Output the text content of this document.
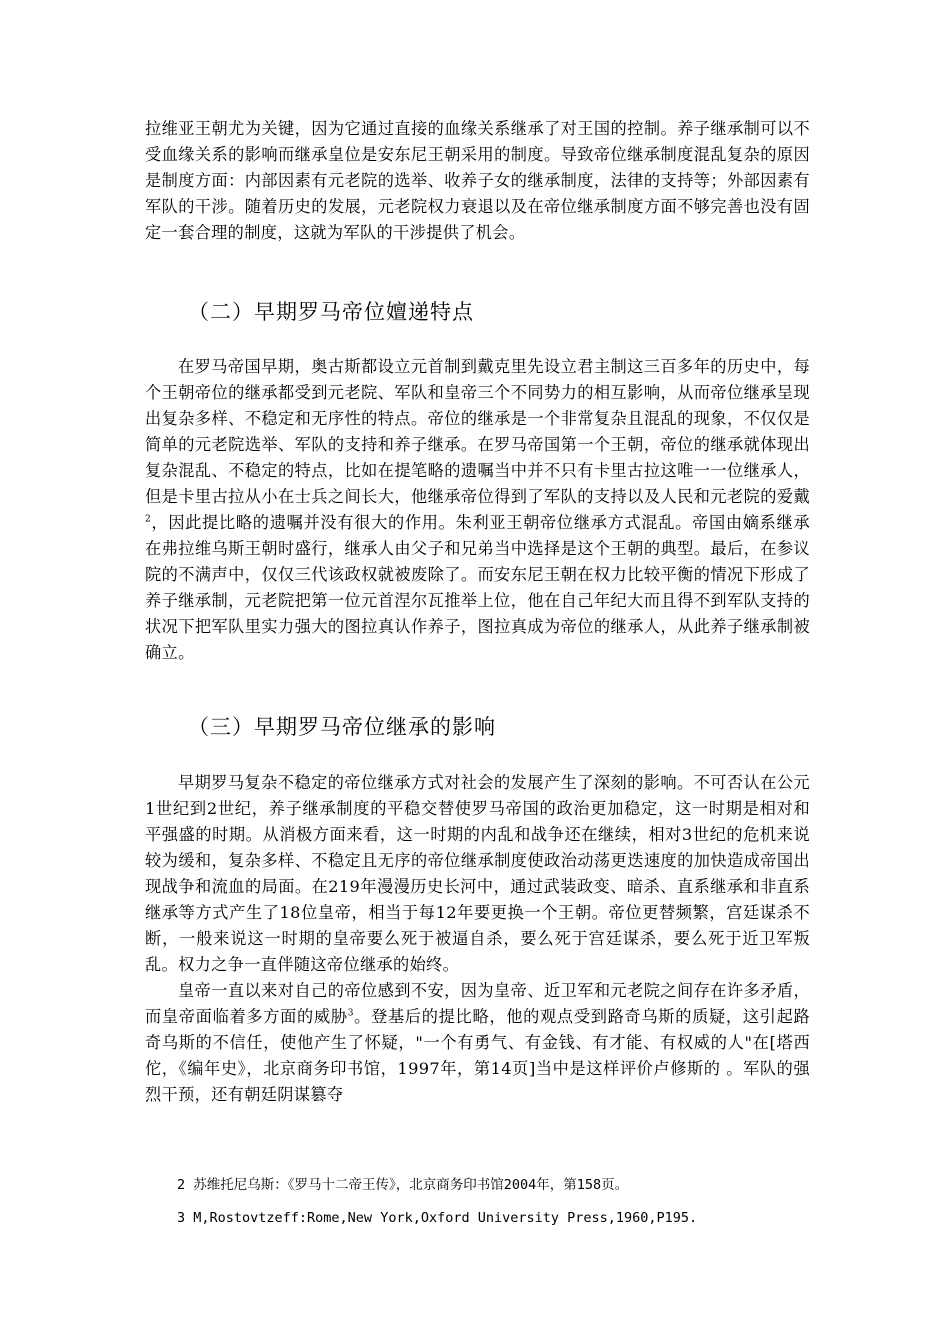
拉维亚王朝尤为关键，因为它通过直接的血缘关系继承了对王国的控制。养子继承制可以不受血缘关系的影响而继承皇位是安东尼王朝采用的制度。导致帝位继承制度混乱复杂的原因是制度方面：内部因素有元老院的选举、收养子女的继承制度，法律的支持等；外部因素有军队的干涉。随着历史的发展，元老院权力衰退以及在帝位继承制度方面不够完善也没有固定一套合理的制度，这就为军队的干涉提供了机会。

（二）早期罗马帝位嬗递特点

在罗马帝国早期，奥古斯都设立元首制到戴克里先设立君主制这三百多年的历史中，每个王朝帝位的继承都受到元老院、军队和皇帝三个不同势力的相互影响，从而帝位继承呈现出复杂多样、不稳定和无序性的特点。帝位的继承是一个非常复杂且混乱的现象，不仅仅是简单的元老院选举、军队的支持和养子继承。在罗马帝国第一个王朝，帝位的继承就体现出复杂混乱、不稳定的特点，比如在提笔略的遗嘱当中并不只有卡里古拉这唯一一位继承人，但是卡里古拉从小在士兵之间长大，他继承帝位得到了军队的支持以及人民和元老院的爱戴$^2$，因此提比略的遗嘱并没有很大的作用。朱利亚王朝帝位继承方式混乱。帝国由嫡系继承在弗拉维乌斯王朝时盛行，继承人由父子和兄弟当中选择是这个王朝的典型。最后，在参议院的不满声中，仅仅三代该政权就被废除了。而安东尼王朝在权力比较平衡的情况下形成了养子继承制，元老院把第一位元首涅尔瓦推举上位，他在自己年纪大而且得不到军队支持的状况下把军队里实力强大的图拉真认作养子，图拉真成为帝位的继承人，从此养子继承制被确立。

（三）早期罗马帝位继承的影响

早期罗马复杂不稳定的帝位继承方式对社会的发展产生了深刻的影响。不可否认在公元1世纪到2世纪，养子继承制度的平稳交替使罗马帝国的政治更加稳定，这一时期是相对和平强盛的时期。从消极方面来看，这一时期的内乱和战争还在继续，相对3世纪的危机来说较为缓和，复杂多样、不稳定且无序的帝位继承制度使政治动荡更迭速度的加快造成帝国出现战争和流血的局面。在219年漫漫历史长河中，通过武装政变、暗杀、直系继承和非直系继承等方式产生了18位皇帝，相当于每12年要更换一个王朝。帝位更替频繁，宫廷谋杀不断，一般来说这一时期的皇帝要么死于被逼自杀，要么死于宫廷谋杀，要么死于近卫军叛乱。权力之争一直伴随这帝位继承的始终。

皇帝一直以来对自己的帝位感到不安，因为皇帝、近卫军和元老院之间存在许多矛盾，而皇帝面临着多方面的威胁$^3$。登基后的提比略，他的观点受到路奇乌斯的质疑，这引起路奇乌斯的不信任，使他产生了怀疑，"一个有勇气、有金钱、有才能、有权威的人"在[塔西佗，《编年史》，北京商务印书馆，1997年，第14页]当中是这样评价卢修斯的 。军队的强烈干预，还有朝廷阴谋篡夺

2 苏维托尼乌斯：《罗马十二帝王传》，北京商务印书馆2004年，第158页。

3 M,Rostovtzeff:Rome,New York,Oxford University Press,1960,P195.
